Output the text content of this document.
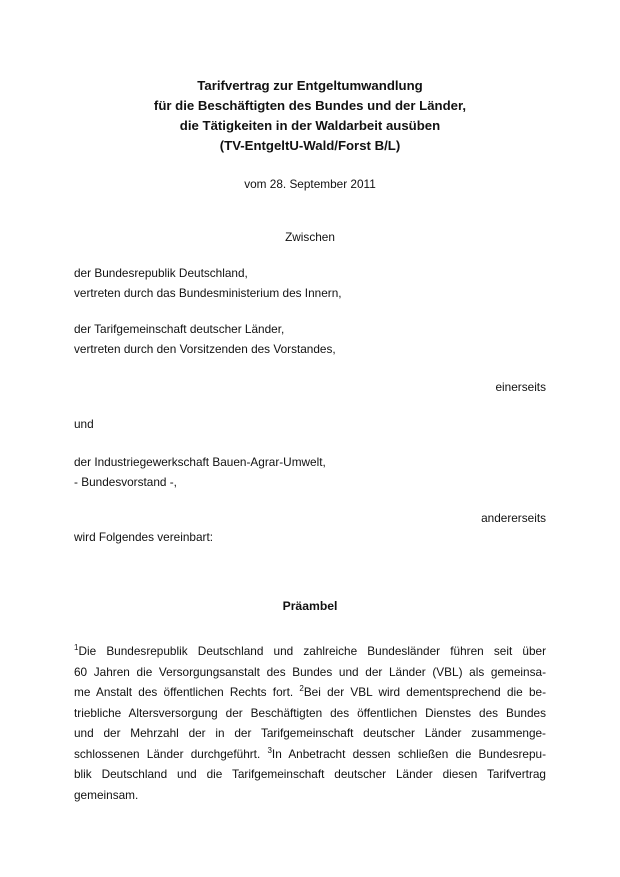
Tarifvertrag zur Entgeltumwandlung
für die Beschäftigten des Bundes und der Länder,
die Tätigkeiten in der Waldarbeit ausüben
(TV-EntgeltU-Wald/Forst B/L)
vom 28. September 2011
Zwischen
der Bundesrepublik Deutschland,
vertreten durch das Bundesministerium des Innern,
der Tarifgemeinschaft deutscher Länder,
vertreten durch den Vorsitzenden des Vorstandes,
einerseits
und
der Industriegewerkschaft Bauen-Agrar-Umwelt,
- Bundesvorstand -,
andererseits
wird Folgendes vereinbart:
Präambel
$^1$Die Bundesrepublik Deutschland und zahlreiche Bundesländer führen seit über
60 Jahren die Versorgungsanstalt des Bundes und der Länder (VBL) als gemeinsa-
me Anstalt des öffentlichen Rechts fort. $^2$Bei der VBL wird dementsprechend die be-
triebliche Altersversorgung der Beschäftigten des öffentlichen Dienstes des Bundes
und der Mehrzahl der in der Tarifgemeinschaft deutscher Länder zusammenge-
schlossenen Länder durchgeführt. $^3$In Anbetracht dessen schließen die Bundesrepu-
blik Deutschland und die Tarifgemeinschaft deutscher Länder diesen Tarifvertrag
gemeinsam.
